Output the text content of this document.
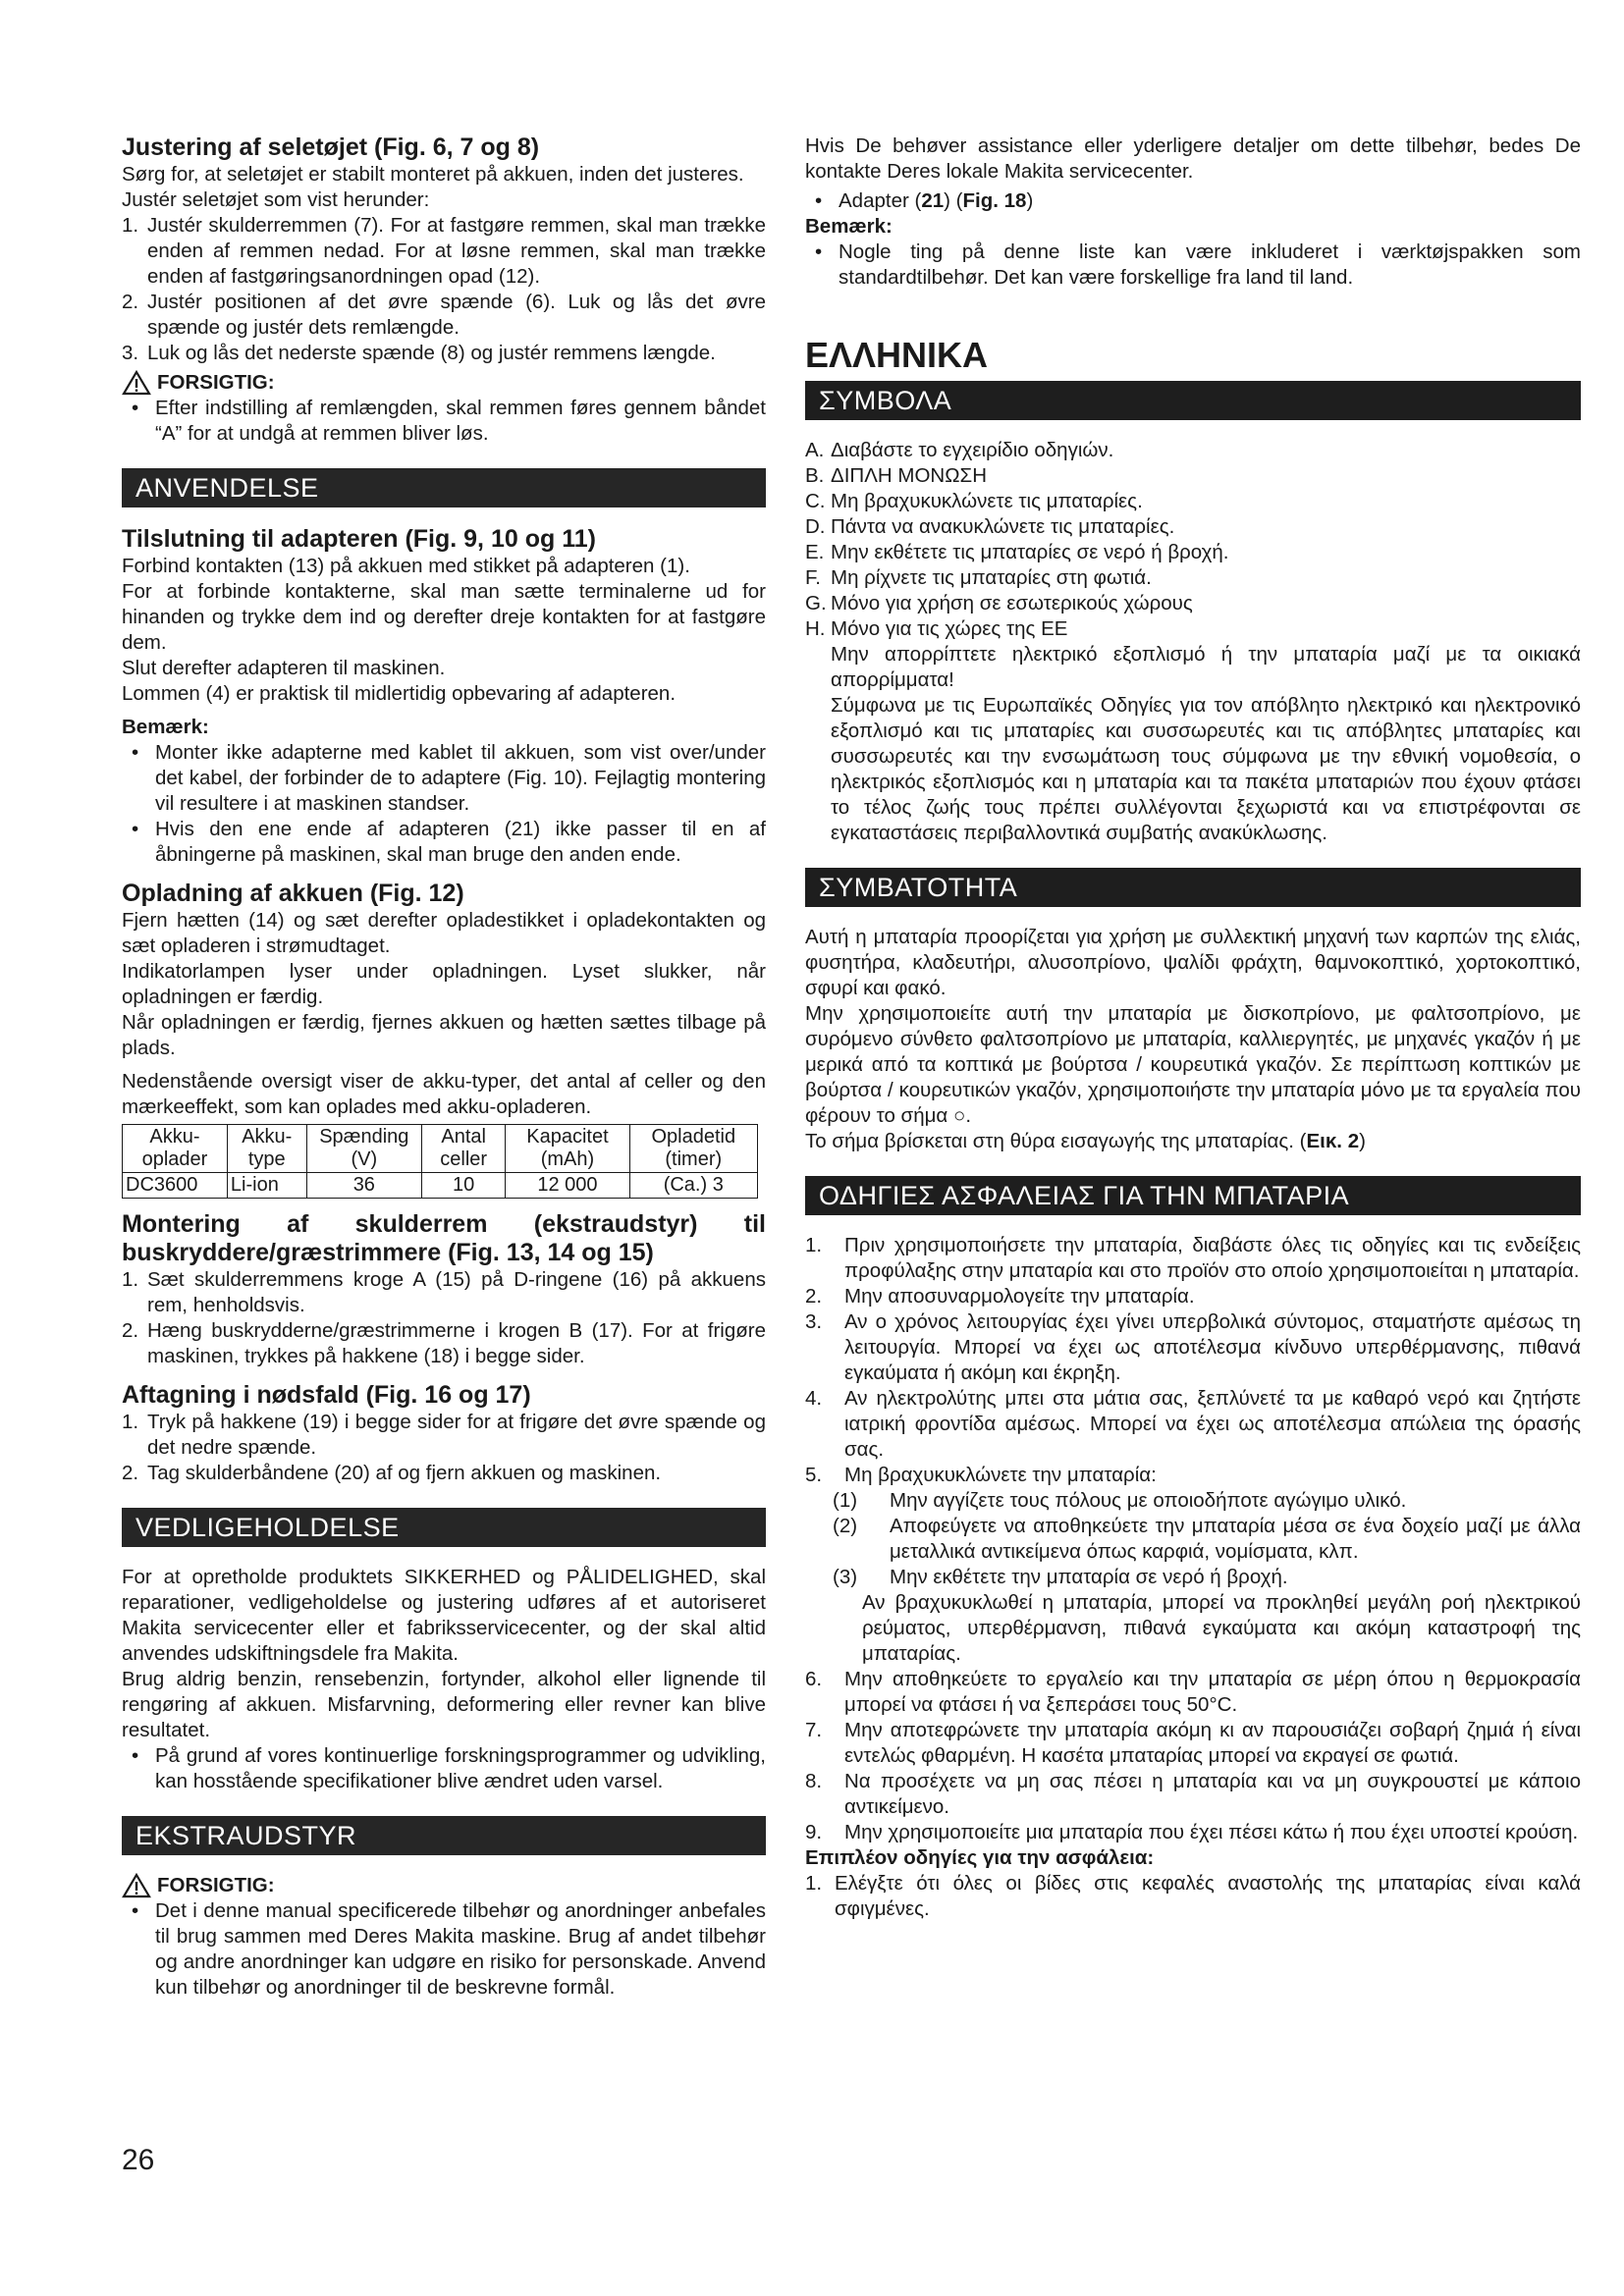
Justering af seletøjet (Fig. 6, 7 og 8)

Sørg for, at seletøjet er stabilt monteret på akkuen, inden det justeres.

Justér seletøjet som vist herunder:

1. Justér skulderremmen (7). For at fastgøre remmen, skal man trække enden af remmen nedad. For at løsne remmen, skal man trække enden af fastgøringsanordningen opad (12).
2. Justér positionen af det øvre spænde (6). Luk og lås det øvre spænde og justér dets remlængde.
3. Luk og lås det nederste spænde (8) og justér remmens længde.
FORSIGTIG:
• Efter indstilling af remlængden, skal remmen føres gennem båndet “A” for at undgå at remmen bliver løs.
ANVENDELSE

Tilslutning til adapteren (Fig. 9, 10 og 11)

Forbind kontakten (13) på akkuen med stikket på adapteren (1).

For at forbinde kontakterne, skal man sætte terminalerne ud for hinanden og trykke dem ind og derefter dreje kontakten for at fastgøre dem.

Slut derefter adapteren til maskinen.

Lommen (4) er praktisk til midlertidig opbevaring af adapteren.

Bemærk:

• Monter ikke adapterne med kablet til akkuen, som vist over/under det kabel, der forbinder de to adaptere (Fig. 10). Fejlagtig montering vil resultere i at maskinen standser.
• Hvis den ene ende af adapteren (21) ikke passer til en af åbningerne på maskinen, skal man bruge den anden ende.

Opladning af akkuen (Fig. 12)

Fjern hætten (14) og sæt derefter opladestikket i opladekontakten og sæt opladeren i strømudtaget.

Indikatorlampen lyser under opladningen. Lyset slukker, når opladningen er færdig.

Når opladningen er færdig, fjernes akkuen og hætten sættes tilbage på plads.

Nedenstående oversigt viser de akku-typer, det antal af celler og den mærkeeffekt, som kan oplades med akku-opladeren.

Akku-oplader	Akku-type	Spænding (V)	Antal celler	Kapacitet (mAh)	Opladetid (timer)
DC3600	Li-ion	36	10	12 000	(Ca.) 3

Montering af skulderrem (ekstraudstyr) til buskryddere/græstrimmere (Fig. 13, 14 og 15)

1. Sæt skulderremmens kroge A (15) på D-ringene (16) på akkuens rem, henholdsvis.
2. Hæng buskrydderne/græstrimmerne i krogen B (17). For at frigøre maskinen, trykkes på hakkene (18) i begge sider.

Aftagning i nødsfald (Fig. 16 og 17)

1. Tryk på hakkene (19) i begge sider for at frigøre det øvre spænde og det nedre spænde.
2. Tag skulderbåndene (20) af og fjern akkuen og maskinen.
VEDLIGEHOLDELSE

For at opretholde produktets SIKKERHED og PÅLIDELIGHED, skal reparationer, vedligeholdelse og justering udføres af et autoriseret Makita servicecenter eller et fabriksservicecenter, og der skal altid anvendes udskiftningsdele fra Makita.

Brug aldrig benzin, rensebenzin, fortynder, alkohol eller lignende til rengøring af akkuen. Misfarvning, deformering eller revner kan blive resultatet.

• På grund af vores kontinuerlige forskningsprogrammer og udvikling, kan hosstående specifikationer blive ændret uden varsel.
EKSTRAUDSTYR
FORSIGTIG:
• Det i denne manual specificerede tilbehør og anordninger anbefales til brug sammen med Deres Makita maskine. Brug af andet tilbehør og andre anordninger kan udgøre en risiko for personskade. Anvend kun tilbehør og anordninger til de beskrevne formål.

Hvis De behøver assistance eller yderligere detaljer om dette tilbehør, bedes De kontakte Deres lokale Makita servicecenter.

• Adapter (21) (Fig. 18)

Bemærk:

• Nogle ting på denne liste kan være inkluderet i værktøjspakken som standardtilbehør. Det kan være forskellige fra land til land.

ΕΛΛΗΝΙΚΑ

ΣΥΜΒΟΛΑ
A. Διαβάστε το εγχειρίδιο οδηγιών.
B. ΔΙΠΛΗ ΜΟΝΩΣΗ
C. Μη βραχυκυκλώνετε τις μπαταρίες.
D. Πάντα να ανακυκλώνετε τις μπαταρίες.
E. Μην εκθέτετε τις μπαταρίες σε νερό ή βροχή.
F. Μη ρίχνετε τις μπαταρίες στη φωτιά.
G. Μόνο για χρήση σε εσωτερικούς χώρους
H. Μόνο για τις χώρες της ΕΕ
Μην απορρίπτετε ηλεκτρικό εξοπλισμό ή την μπαταρία μαζί με τα οικιακά απορρίμματα!
Σύμφωνα με τις Ευρωπαϊκές Οδηγίες για τον απόβλητο ηλεκτρικό και ηλεκτρονικό εξοπλισμό και τις μπαταρίες και συσσωρευτές και τις απόβλητες μπαταρίες και συσσωρευτές και την ενσωμάτωση τους σύμφωνα με την εθνική νομοθεσία, ο ηλεκτρικός εξοπλισμός και η μπαταρία και τα πακέτα μπαταριών που έχουν φτάσει το τέλος ζωής τους πρέπει συλλέγονται ξεχωριστά και να επιστρέφονται σε εγκαταστάσεις περιβαλλοντικά συμβατής ανακύκλωσης.
ΣΥΜΒΑΤΟΤΗΤΑ

Αυτή η μπαταρία προορίζεται για χρήση με συλλεκτική μηχανή των καρπών της ελιάς, φυσητήρα, κλαδευτήρι, αλυσοπρίονο, ψαλίδι φράχτη, θαμνοκοπτικό, χορτοκοπτικό, σφυρί και φακό.

Μην χρησιμοποιείτε αυτή την μπαταρία με δισκοπρίονο, με φαλτσοπρίονο, με συρόμενο σύνθετο φαλτσοπρίονο με μπαταρία, καλλιεργητές, με μηχανές γκαζόν ή με μερικά από τα κοπτικά με βούρτσα / κουρευτικά γκαζόν. Σε περίπτωση κοπτικών με βούρτσα / κουρευτικών γκαζόν, χρησιμοποιήστε την μπαταρία μόνο με τα εργαλεία που φέρουν το σήμα ○.

Το σήμα βρίσκεται στη θύρα εισαγωγής της μπαταρίας. (Εικ. 2)

ΟΔΗΓΙΕΣ ΑΣΦΑΛΕΙΑΣ ΓΙΑ ΤΗΝ ΜΠΑΤΑΡΙΑ
1.	Πριν χρησιμοποιήσετε την μπαταρία, διαβάστε όλες τις οδηγίες και τις ενδείξεις προφύλαξης στην μπαταρία και στο προϊόν στο οποίο χρησιμοποιείται η μπαταρία.
2.	Μην αποσυναρμολογείτε την μπαταρία.
3.	Αν ο χρόνος λειτουργίας έχει γίνει υπερβολικά σύντομος, σταματήστε αμέσως τη λειτουργία. Μπορεί να έχει ως αποτέλεσμα κίνδυνο υπερθέρμανσης, πιθανά εγκαύματα ή ακόμη και έκρηξη.
4.	Αν ηλεκτρολύτης μπει στα μάτια σας, ξεπλύνετέ τα με καθαρό νερό και ζητήστε ιατρική φροντίδα αμέσως. Μπορεί να έχει ως αποτέλεσμα απώλεια της όρασής σας.
5.	Μη βραχυκυκλώνετε την μπαταρία:
(1)	Μην αγγίζετε τους πόλους με οποιοδήποτε αγώγιμο υλικό.
(2)	Αποφεύγετε να αποθηκεύετε την μπαταρία μέσα σε ένα δοχείο μαζί με άλλα μεταλλικά αντικείμενα όπως καρφιά, νομίσματα, κλπ.
(3)	Μην εκθέτετε την μπαταρία σε νερό ή βροχή.
Αν βραχυκυκλωθεί η μπαταρία, μπορεί να προκληθεί μεγάλη ροή ηλεκτρικού ρεύματος, υπερθέρμανση, πιθανά εγκαύματα και ακόμη καταστροφή της μπαταρίας.
6.	Μην αποθηκεύετε το εργαλείο και την μπαταρία σε μέρη όπου η θερμοκρασία μπορεί να φτάσει ή να ξεπεράσει τους 50°C.
7.	Μην αποτεφρώνετε την μπαταρία ακόμη κι αν παρουσιάζει σοβαρή ζημιά ή είναι εντελώς φθαρμένη. Η κασέτα μπαταρίας μπορεί να εκραγεί σε φωτιά.
8.	Να προσέχετε να μη σας πέσει η μπαταρία και να μη συγκρουστεί με κάποιο αντικείμενο.
9.	Μην χρησιμοποιείτε μια μπαταρία που έχει πέσει κάτω ή που έχει υποστεί κρούση.

Επιπλέον οδηγίες για την ασφάλεια:

1. Ελέγξτε ότι όλες οι βίδες στις κεφαλές αναστολής της μπαταρίας είναι καλά σφιγμένες.
26
